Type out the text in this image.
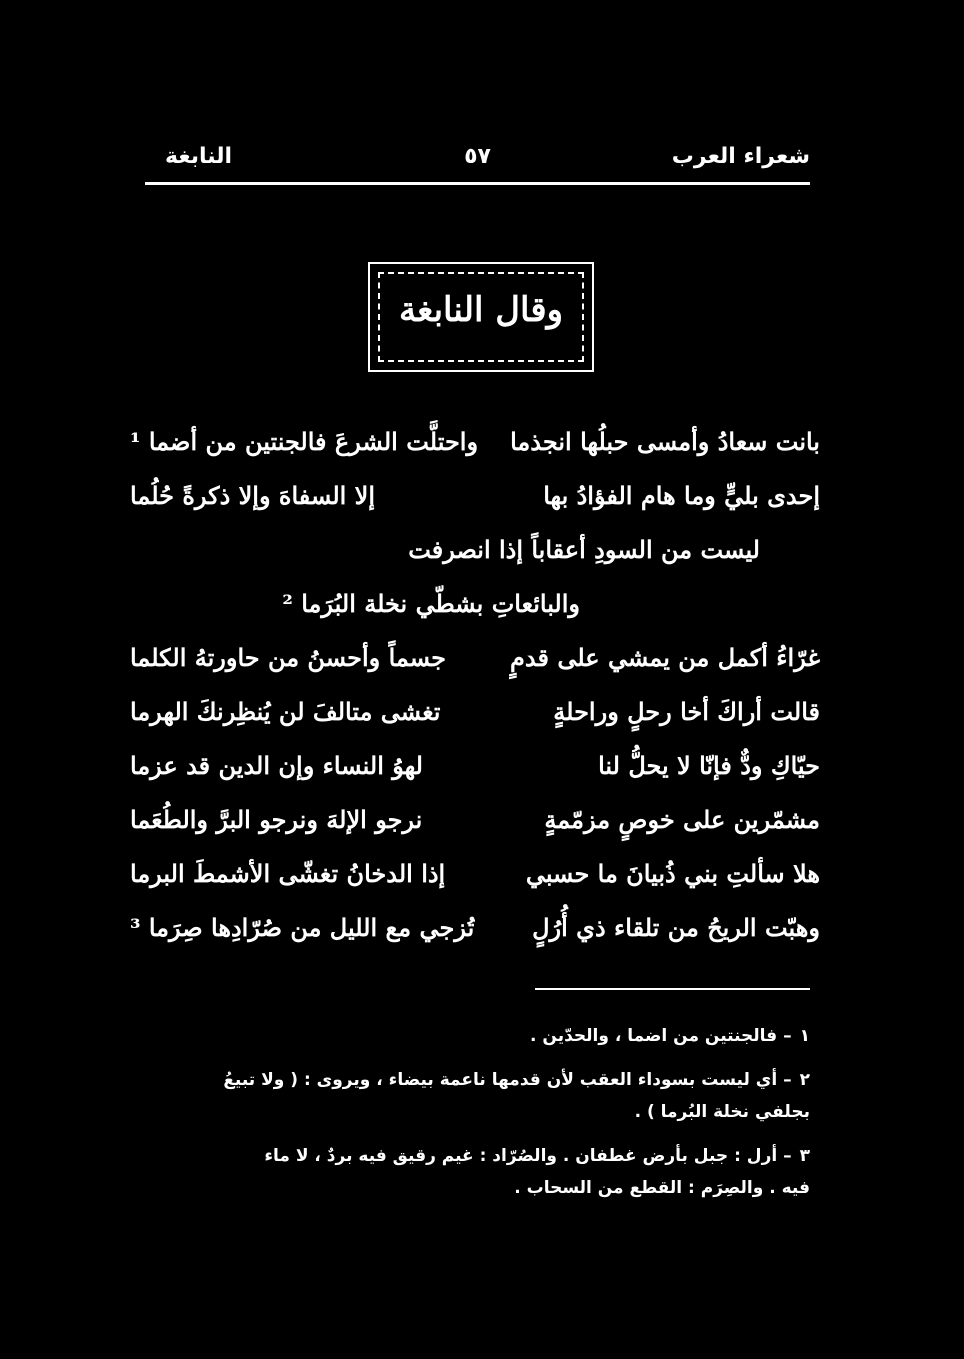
شعراء العرب
٥٧
النابغة
وقال النابغة
بانت سعادُ وأمسى حبلُها انجذما
واحتلَّت الشرعَ فالجنتين من أضما ¹
إحدى بليٍّ وما هام الفؤادُ بها
إلا السفاهَ وإلا ذكرةً حُلُما
ليست من السودِ أعقاباً إذا انصرفت
والبائعاتِ بشطّي نخلة البُرَما ²
غرّاءُ أكمل من يمشي على قدمٍ
جسماً وأحسنُ من حاورتهُ الكلما
قالت أراكَ أخا رحلٍ وراحلةٍ
تغشى متالفَ لن يُنظِرنكَ الهرما
حيّاكِ ودٌّ فإنّا لا يحلُّ لنا
لهوُ النساء وإن الدين قد عزما
مشمّرين على خوصٍ مزمّمةٍ
نرجو الإلهَ ونرجو البرَّ والطُعَما
هلا سألتِ بني ذُبيانَ ما حسبي
إذا الدخانُ تغشّى الأشمطَ البرما
وهبّت الريحُ من تلقاء ذي أُرُلٍ
تُزجي مع الليل من صُرّادِها صِرَما ³
١– فالجنتين من اضما ، والحدّين .
٢– أي ليست بسوداء العقب لأن قدمها ناعمة بيضاء ، ويروى : ( ولا تبيعُ
بجلفي نخلة البُرما ) .
٣– أرل : جبل بأرض غطفان . والصُرّاد : غيم رقيق فيه بردٌ ، لا ماء
فيه . والصِرَم : القطع من السحاب .
